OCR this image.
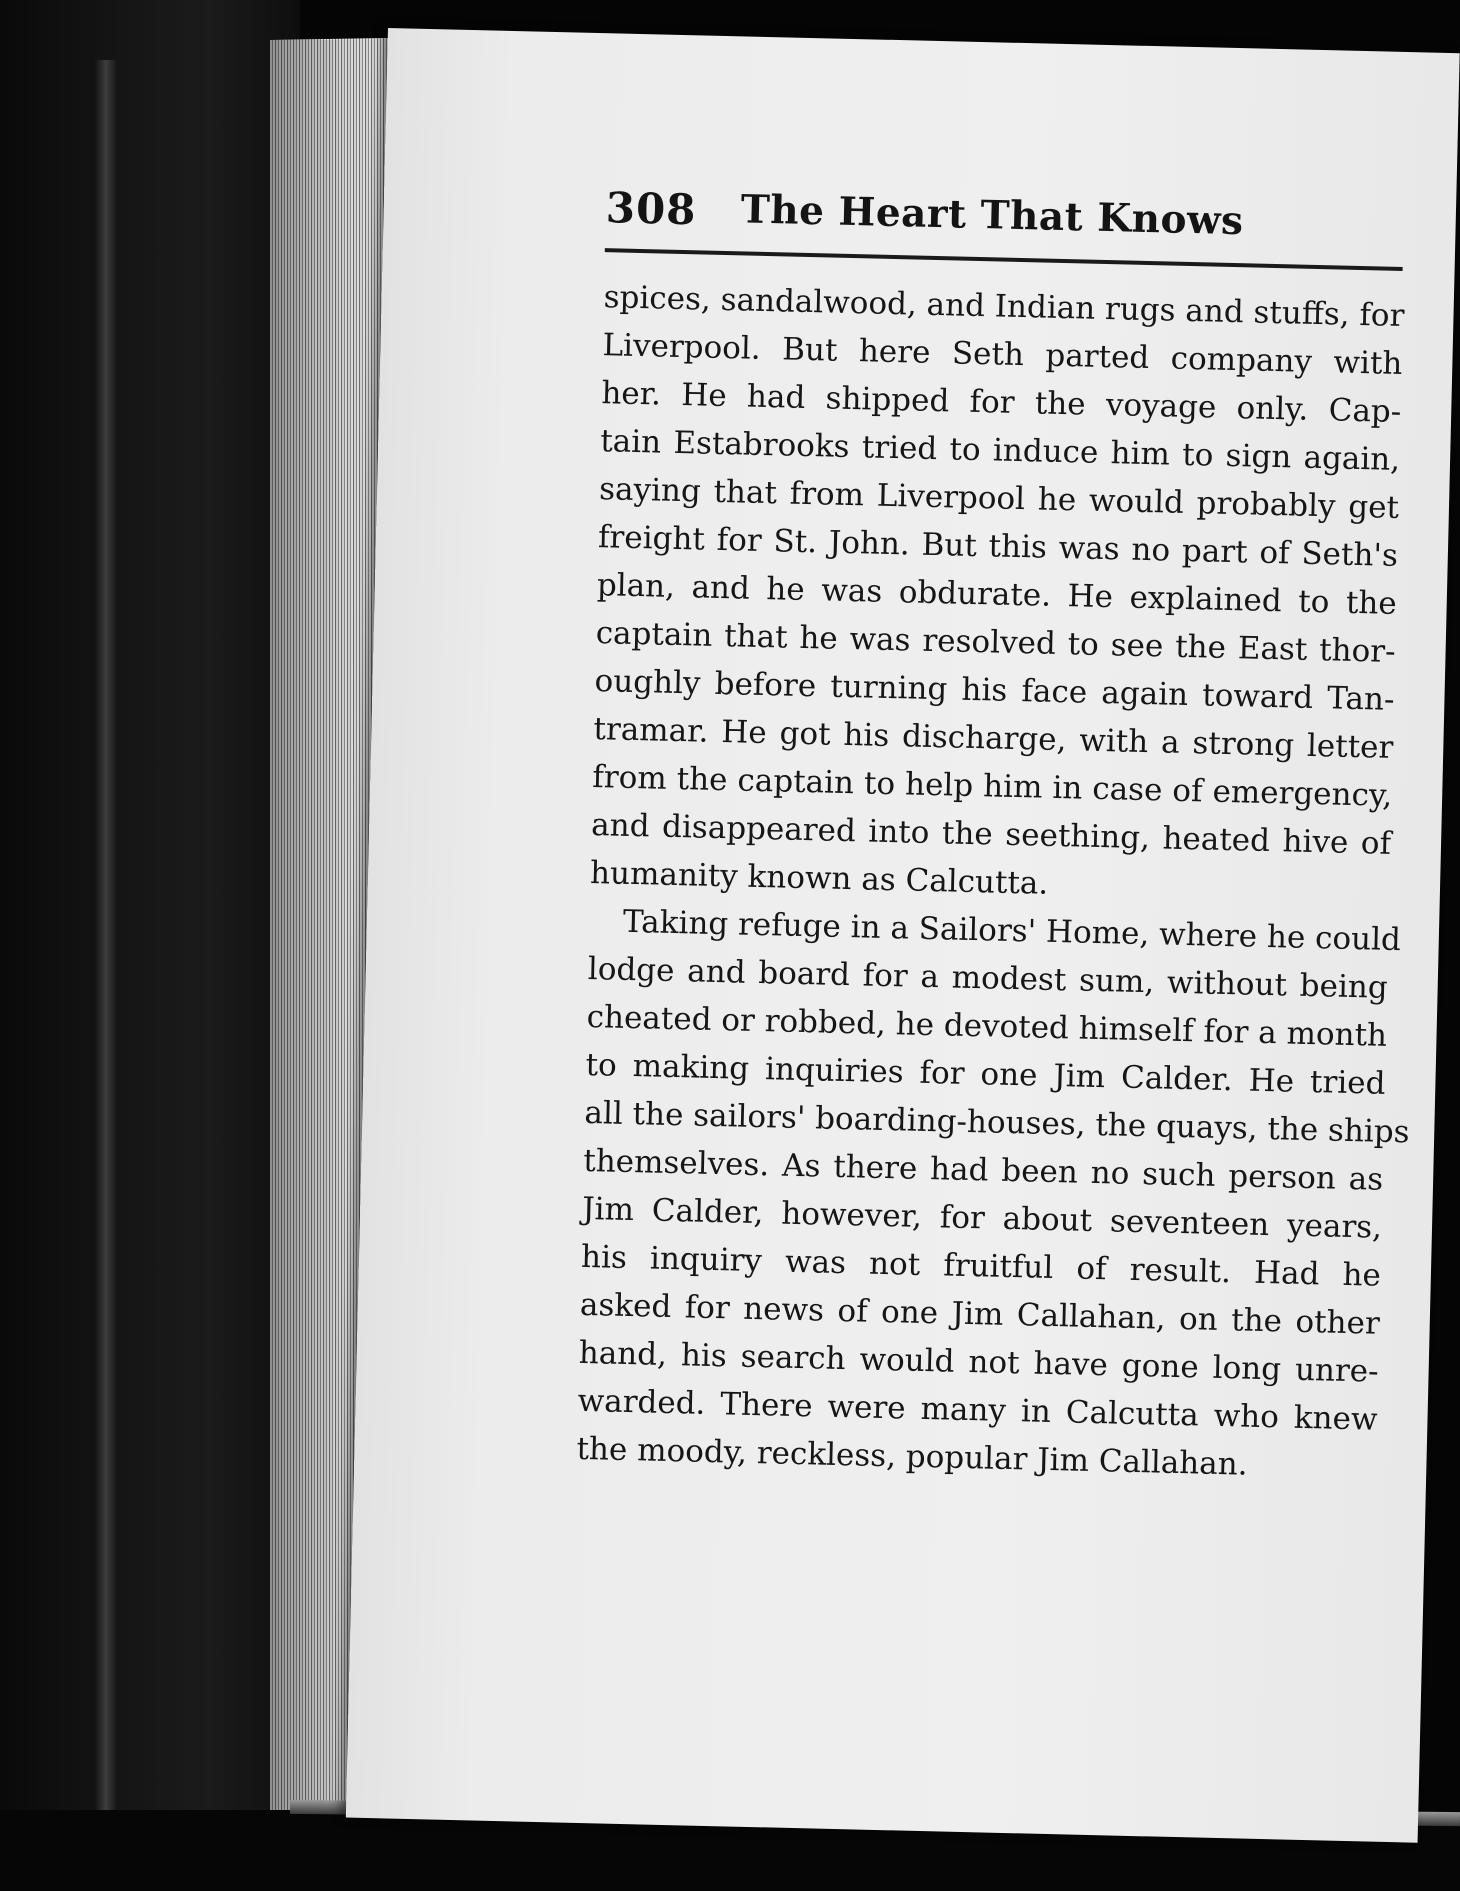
308 The Heart That Knows
spices, sandalwood, and Indian rugs and stuffs, for
Liverpool. But here Seth parted company with
her. He had shipped for the voyage only. Cap-
tain Estabrooks tried to induce him to sign again,
saying that from Liverpool he would probably get
freight for St. John. But this was no part of Seth's
plan, and he was obdurate. He explained to the
captain that he was resolved to see the East thor-
oughly before turning his face again toward Tan-
tramar. He got his discharge, with a strong letter
from the captain to help him in case of emergency,
and disappeared into the seething, heated hive of
humanity known as Calcutta.
Taking refuge in a Sailors' Home, where he could
lodge and board for a modest sum, without being
cheated or robbed, he devoted himself for a month
to making inquiries for one Jim Calder. He tried
all the sailors' boarding-houses, the quays, the ships
themselves. As there had been no such person as
Jim Calder, however, for about seventeen years,
his inquiry was not fruitful of result. Had he
asked for news of one Jim Callahan, on the other
hand, his search would not have gone long unre-
warded. There were many in Calcutta who knew
the moody, reckless, popular Jim Callahan.
